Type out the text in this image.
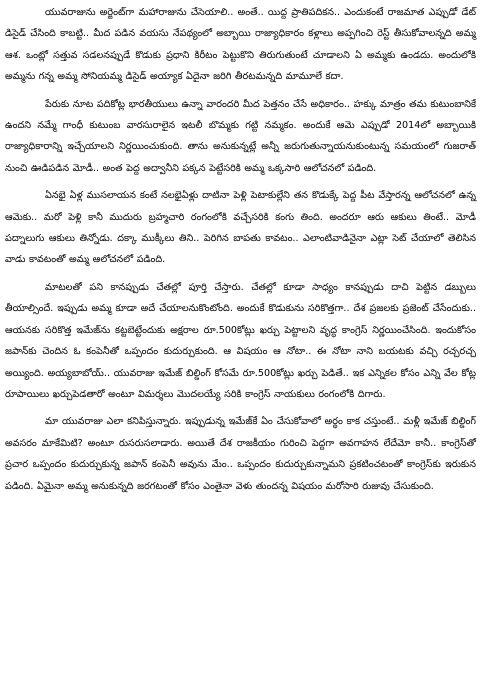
యువరాజును అర్జెంట్‌గా మహారాజును చేసెయాలి.. అంతే.. యిద్ద ప్రాతిపదికన.. ఎందుకంటే రాజమాత ఎప్పుడో డేట్ డిసైడ్ చేసింది కాబట్టి.. మీద పడిన వయసు నేపథ్యంలో అబ్బాయి రాజ్యాధికారం కళ్లాలు అప్పగించి రెస్ట్ తీసుకోవాలన్నది అమ్మ ఆశ. ఒంట్లో సత్తువ సడలనప్పుడే కొడుకు ప్రధాని కిరీటం పెట్టుకొని తిరుగుతుంటే చూడాలని ఏ అమ్మకు ఉండదు. అందులోకి అమ్మను గన్న అమ్మ సోనియమ్మ డిసైడ్ అయ్యాక ఏదైనా జరిగి తీరటమన్నది మామూలే కదా.

పేరుకు నూట పదికోట్ల భారతీయులు ఉన్నా వారందరి మీద పెత్తనం చేసే అధికారం.. హక్కు మాత్రం తమ కుటుంబానికే ఉందని నమ్మే గాంధీ కుటుంబ వారసురాలైన ఇటలీ బొమ్మకు గట్టి నమ్మకం. అందుకే ఆమె ఎప్పుడో 2014లో అబ్బాయికి రాజ్యాధికారాన్ని ఇచ్చేయాలని నిర్ణయించుకుంది. తాను అనుకున్నట్లే అన్నీ జరుగుతున్నాయనుకుంటున్న సమయంలో గుజరాత్ నుంచి ఊడిపడిన మోడీ.. అంత పెద్ద అద్వానీని పక్కన పెట్టేసరికి అమ్మ ఒక్కసారి ఆలోచనలో పడింది.

ఏనభై ఏళ్ల ముసలాయన కంటే నలభైఏళ్లు దాటినా పెళ్లి పెటాకుల్లేని తన కొడుక్కే పెద్ద పీట వేస్తారన్న ఆలోచనలో ఉన్న ఆమెకు.. మరో పెళ్లి కానీ ముదురు బ్రహ్మచారి రంగంలోకి వచ్చేసరికి కంగు తింది. అందరూ ఆరు ఆకులు తింటే.. మోడీ పద్నాలుగు ఆకులు తిన్నోడు. దక్కా ముక్కీలు తిని.. పెరిగిన బాపతు కావటం.. ఎలాంటివాడినైనా ఎట్లా సెట్ చేయాలో తెలిసిన వాడు కావటంతో అమ్మ ఆలోచనలో పడింది.

మాటలతో పని కానప్పుడు చేతల్లో పూర్తి చేస్తారు. చేతల్లో కూడా సాధ్యం కానప్పుడు దాచి పెట్టిన డబ్బులు తీయాల్సిందే. ఇప్పుడు అమ్మ కూడా అదే చేయాలనుకొంటోంది. అందుకే కొడుకును సరికొత్తగా.. దేశ ప్రజలకు ప్రజెంట్ చేసేందుకు.. ఆయనకు సరికొత్త ఇమేజ్‌ను కట్టబెట్టేందుకు అక్షరాల రూ.500కోట్లు ఖర్చు పెట్టాలని వృద్ధ కాంగ్రెస్ నిర్ణయించేసింది. ఇందుకోసం జపాన్‌కు చెందిన ఓ కంపెనీతో ఒప్పందం కుదుర్చుకుంది. ఆ విషయం ఆ నోటా.. ఈ నోటా నాని బయటకు వచ్చి రచ్చరచ్చ అయ్యింది. అయ్యబాబోయ్.. యువరాజు ఇమేజ్ బిల్డింగ్ కోసమే రూ.500కోట్లు ఖర్చు పెడితే.. ఇక ఎన్నికల కోసం ఎన్ని వేల కోట్ల రూపాయిలు ఖర్చుపెడతారో అంటూ విమర్శలు మొదలయ్యే సరికి కాంగ్రెస్ నాయకులు రంగంలోకి దిగారు.

మా యువరాజు ఎలా కనిపిస్తున్నారు. ఇప్పుడున్న ఇమేజ్‌కే ఏం చేసుకోవాలో అర్థం కాక చస్తుంటే.. మళ్లీ ఇమేజ్ బిల్డింగ్ అవసరం మాకేమిటి? అంటూ రుసరుసలాడారు. అయితే దేశ రాజకీయం గురించి పెద్దగా అవగాహన లేదేమో కానీ.. కాంగ్రెస్‌తో ప్రచార ఒప్పందం కుదుర్చుకున్న జపాన్ కంపెనీ అవును మేం.. ఒప్పందం కుదుర్చుకున్నామని ప్రకటించటంతో కాంగ్రెస్‌కు ఇరుకున పడింది. ఏమైనా అమ్మ అనుకున్నది జరగటంతో కోసం ఎంతైనా వెళు తుందన్న విషయం మరోసారి రుజువు చేసుకుంది.
